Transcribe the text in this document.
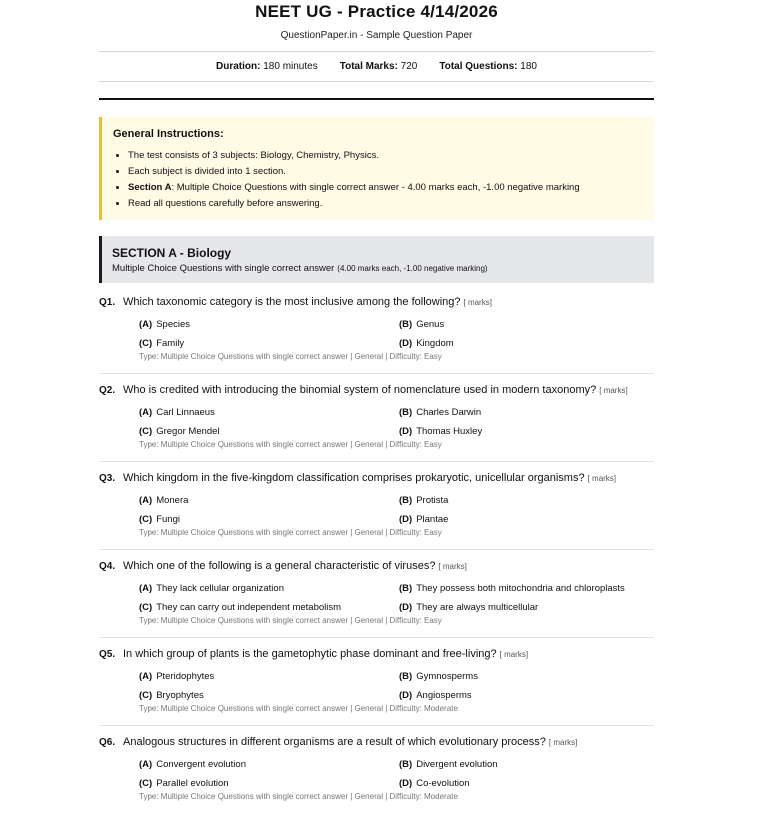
NEET UG - Practice 4/14/2026
QuestionPaper.in - Sample Question Paper
Duration: 180 minutes Total Marks: 720 Total Questions: 180
General Instructions:
• The test consists of 3 subjects: Biology, Chemistry, Physics.
• Each subject is divided into 1 section.
• Section A: Multiple Choice Questions with single correct answer - 4.00 marks each, -1.00 negative marking
• Read all questions carefully before answering.
SECTION A - Biology
Multiple Choice Questions with single correct answer (4.00 marks each, -1.00 negative marking)
Q1. Which taxonomic category is the most inclusive among the following? [ marks]
(A) Species	(B) Genus
(C) Family	(D) Kingdom
Type: Multiple Choice Questions with single correct answer | General | Difficulty: Easy
Q2. Who is credited with introducing the binomial system of nomenclature used in modern taxonomy? [ marks]
(A) Carl Linnaeus	(B) Charles Darwin
(C) Gregor Mendel	(D) Thomas Huxley
Type: Multiple Choice Questions with single correct answer | General | Difficulty: Easy
Q3. Which kingdom in the five-kingdom classification comprises prokaryotic, unicellular organisms? [ marks]
(A) Monera	(B) Protista
(C) Fungi	(D) Plantae
Type: Multiple Choice Questions with single correct answer | General | Difficulty: Easy
Q4. Which one of the following is a general characteristic of viruses? [ marks]
(A) They lack cellular organization	(B) They possess both mitochondria and chloroplasts
(C) They can carry out independent metabolism	(D) They are always multicellular
Type: Multiple Choice Questions with single correct answer | General | Difficulty: Easy
Q5. In which group of plants is the gametophytic phase dominant and free-living? [ marks]
(A) Pteridophytes	(B) Gymnosperms
(C) Bryophytes	(D) Angiosperms
Type: Multiple Choice Questions with single correct answer | General | Difficulty: Moderate
Q6. Analogous structures in different organisms are a result of which evolutionary process? [ marks]
(A) Convergent evolution	(B) Divergent evolution
(C) Parallel evolution	(D) Co-evolution
Type: Multiple Choice Questions with single correct answer | General | Difficulty: Moderate
